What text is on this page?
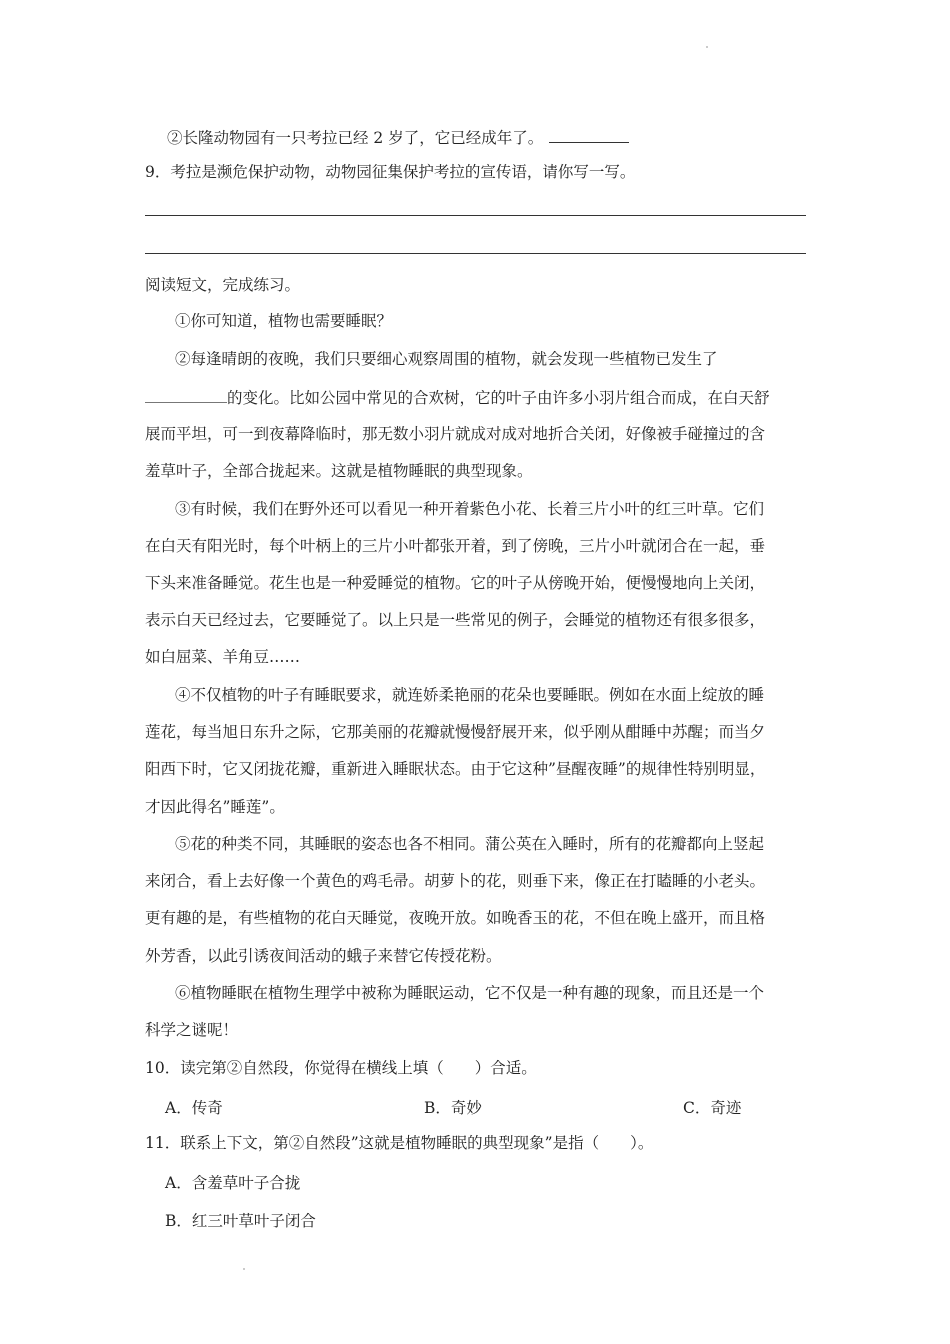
②长隆动物园有一只考拉已经 2 岁了，它已经成年了。
9．考拉是濒危保护动物，动物园征集保护考拉的宣传语，请你写一写。
阅读短文，完成练习。
①你可知道，植物也需要睡眠？
②每逢晴朗的夜晚，我们只要细心观察周围的植物，就会发现一些植物已发生了
的变化。比如公园中常见的合欢树，它的叶子由许多小羽片组合而成，在白天舒
展而平坦，可一到夜幕降临时，那无数小羽片就成对成对地折合关闭，好像被手碰撞过的含
羞草叶子，全部合拢起来。这就是植物睡眠的典型现象。
③有时候，我们在野外还可以看见一种开着紫色小花、长着三片小叶的红三叶草。它们
在白天有阳光时，每个叶柄上的三片小叶都张开着，到了傍晚，三片小叶就闭合在一起，垂
下头来准备睡觉。花生也是一种爱睡觉的植物。它的叶子从傍晚开始，便慢慢地向上关闭，
表示白天已经过去，它要睡觉了。以上只是一些常见的例子，会睡觉的植物还有很多很多，
如白屈菜、羊角豆……
④不仅植物的叶子有睡眠要求，就连娇柔艳丽的花朵也要睡眠。例如在水面上绽放的睡
莲花，每当旭日东升之际，它那美丽的花瓣就慢慢舒展开来，似乎刚从酣睡中苏醒；而当夕
阳西下时，它又闭拢花瓣，重新进入睡眠状态。由于它这种”昼醒夜睡”的规律性特别明显，
才因此得名”睡莲”。
⑤花的种类不同，其睡眠的姿态也各不相同。蒲公英在入睡时，所有的花瓣都向上竖起
来闭合，看上去好像一个黄色的鸡毛帚。胡萝卜的花，则垂下来，像正在打瞌睡的小老头。
更有趣的是，有些植物的花白天睡觉，夜晚开放。如晚香玉的花，不但在晚上盛开，而且格
外芳香，以此引诱夜间活动的蛾子来替它传授花粉。
⑥植物睡眠在植物生理学中被称为睡眠运动，它不仅是一种有趣的现象，而且还是一个
科学之谜呢！
10．读完第②自然段，你觉得在横线上填（　　）合适。
A．传奇	B．奇妙	C．奇迹
11．联系上下文，第②自然段”这就是植物睡眠的典型现象”是指（　　）。
A．含羞草叶子合拢
B．红三叶草叶子闭合
